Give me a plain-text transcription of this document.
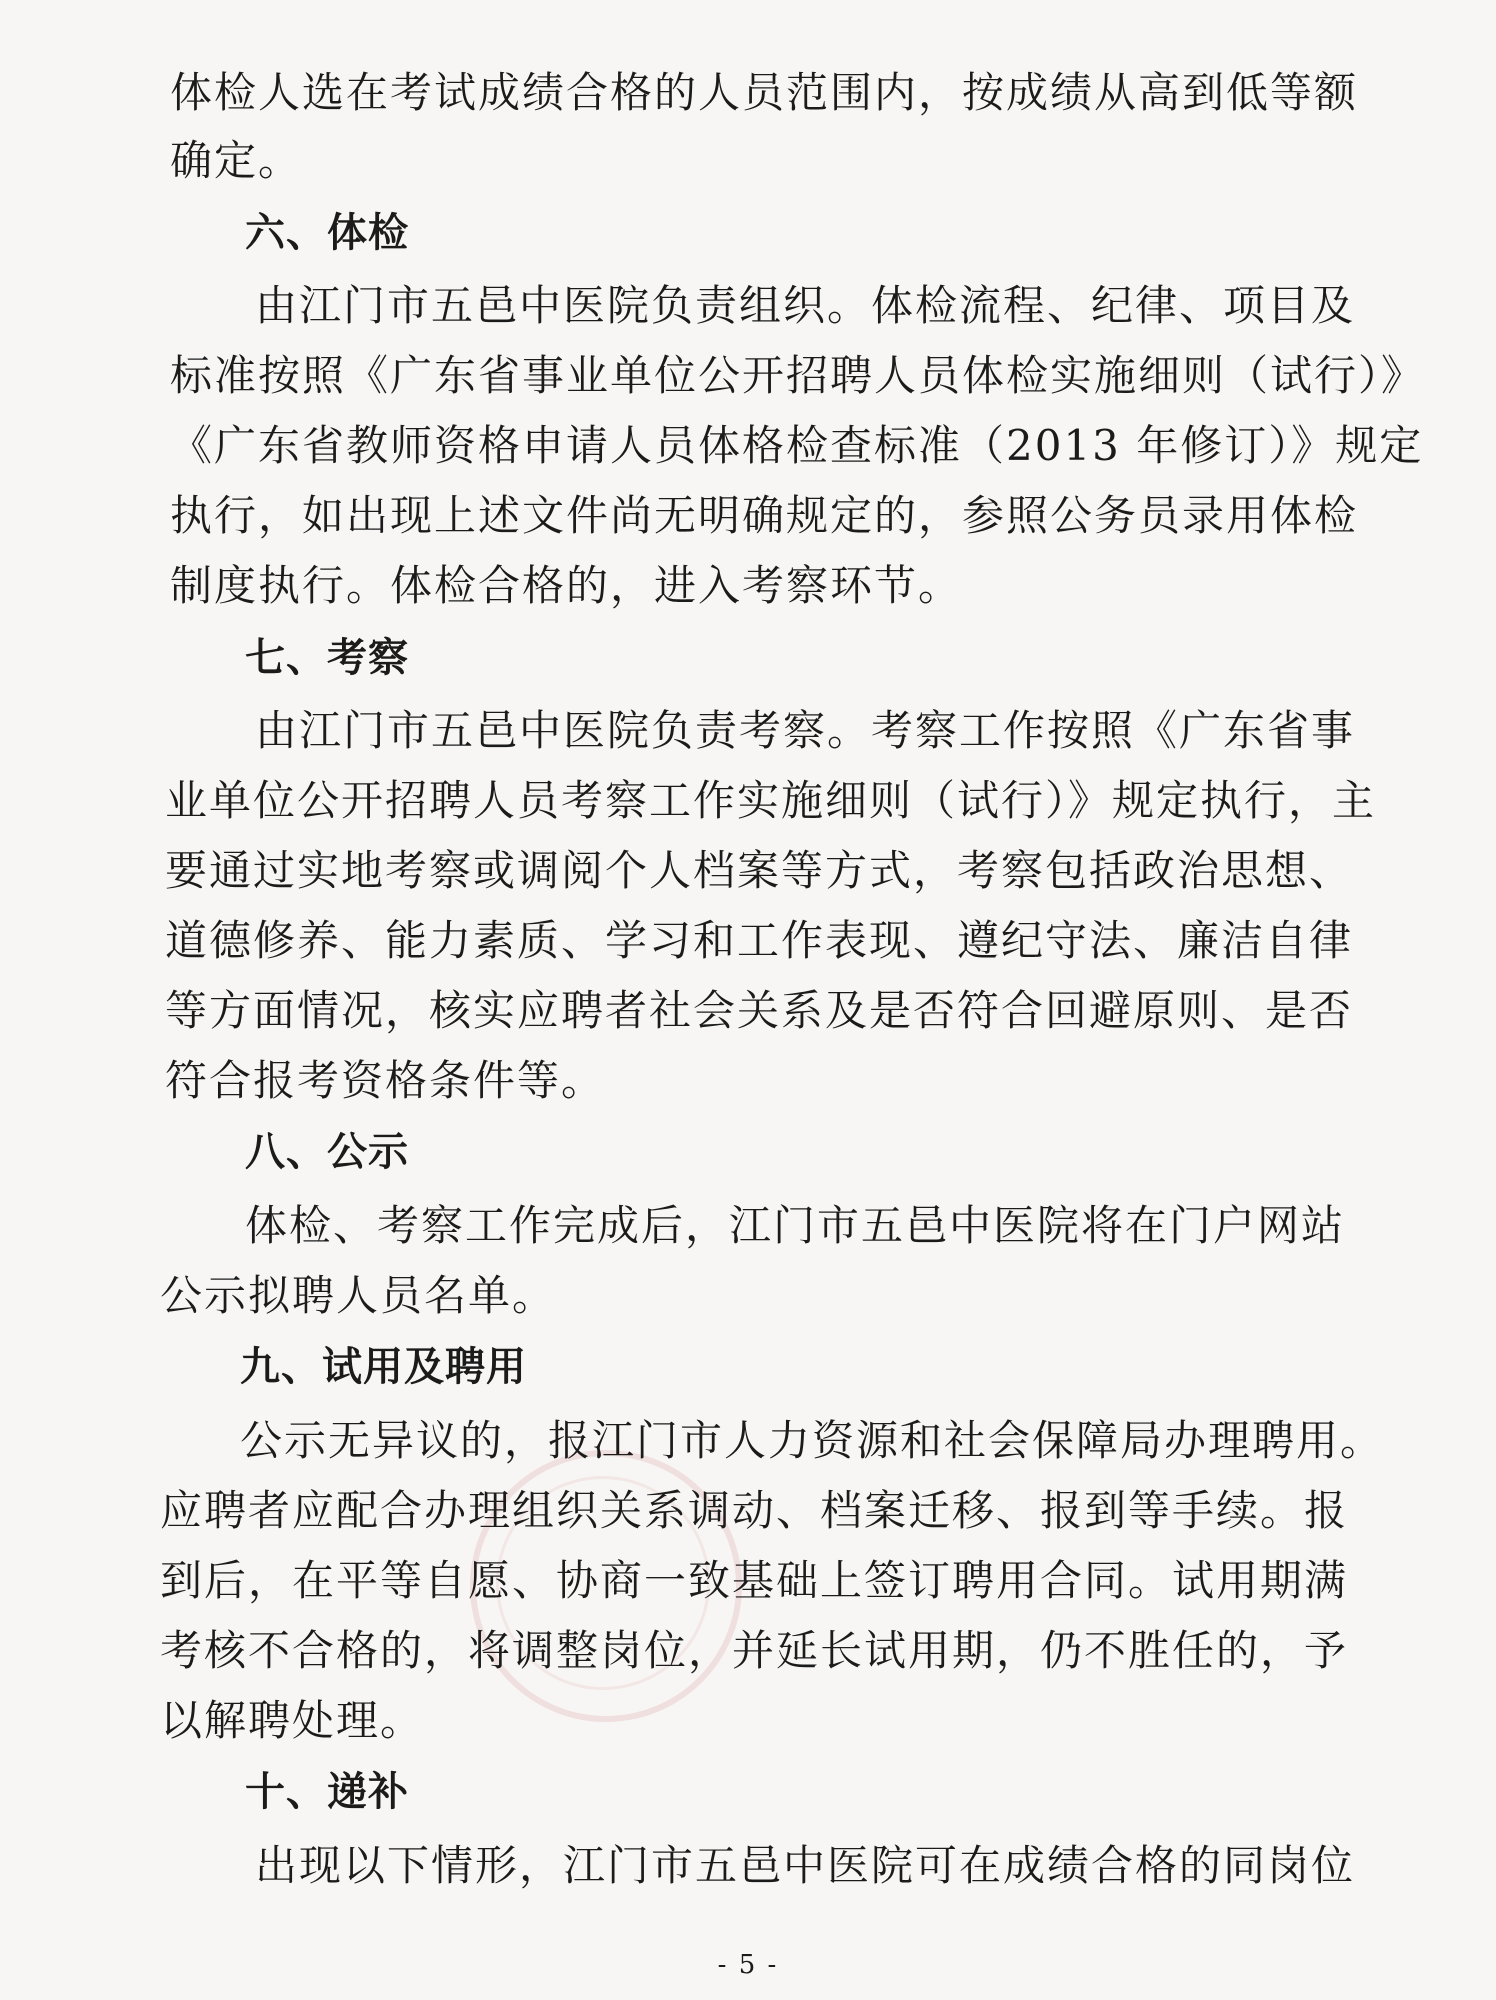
体检人选在考试成绩合格的人员范围内，按成绩从高到低等额
确定。
六、体检
由江门市五邑中医院负责组织。体检流程、纪律、项目及
标准按照《广东省事业单位公开招聘人员体检实施细则（试行）》
《广东省教师资格申请人员体格检查标准（2013 年修订）》规定
执行，如出现上述文件尚无明确规定的，参照公务员录用体检
制度执行。体检合格的，进入考察环节。
七、考察
由江门市五邑中医院负责考察。考察工作按照《广东省事
业单位公开招聘人员考察工作实施细则（试行）》规定执行，主
要通过实地考察或调阅个人档案等方式，考察包括政治思想、
道德修养、能力素质、学习和工作表现、遵纪守法、廉洁自律
等方面情况，核实应聘者社会关系及是否符合回避原则、是否
符合报考资格条件等。
八、公示
体检、考察工作完成后，江门市五邑中医院将在门户网站
公示拟聘人员名单。
九、试用及聘用
公示无异议的，报江门市人力资源和社会保障局办理聘用。
应聘者应配合办理组织关系调动、档案迁移、报到等手续。报
到后，在平等自愿、协商一致基础上签订聘用合同。试用期满
考核不合格的，将调整岗位，并延长试用期，仍不胜任的，予
以解聘处理。
十、递补
出现以下情形，江门市五邑中医院可在成绩合格的同岗位
- 5 -
